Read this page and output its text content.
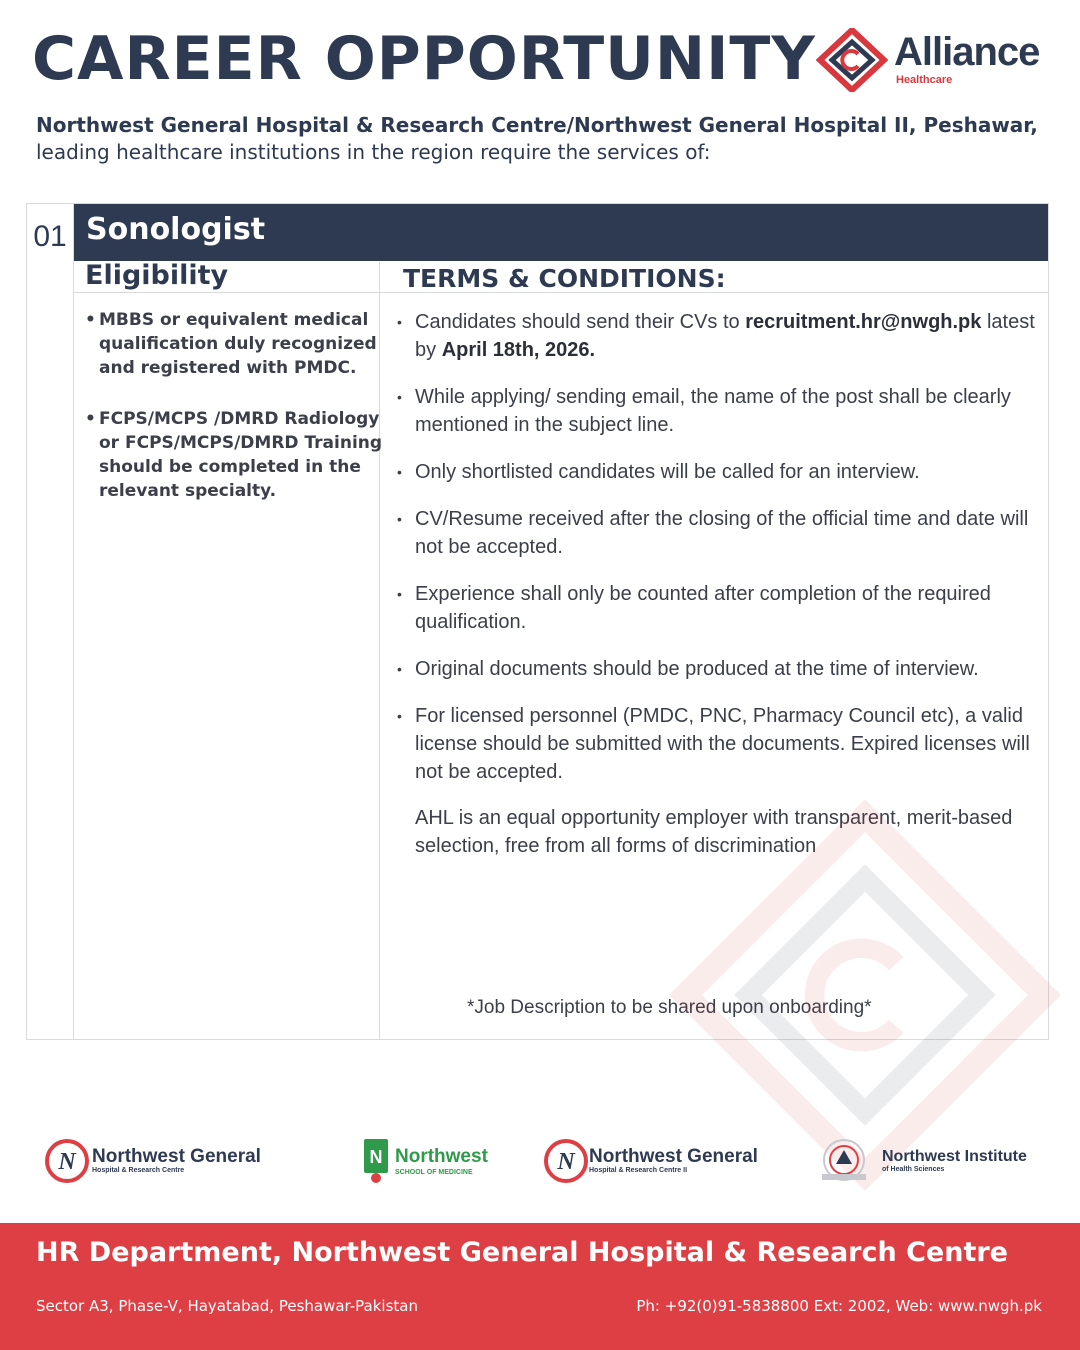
CAREER OPPORTUNITY Alliance
Healthcare

Northwest General Hospital & Research Centre/Northwest General Hospital II, Peshawar,
leading healthcare institutions in the region require the services of:

01 Sonologist
Eligibility	TERMS & CONDITIONS:
• MBBS or equivalent medical qualification duly recognized and registered with PMDC.
• FCPS/MCPS /DMRD Radiology or FCPS/MCPS/DMRD Training should be completed in the relevant specialty.
• Candidates should send their CVs to recruitment.hr@nwgh.pk latest by April 18th, 2026.
• While applying/ sending email, the name of the post shall be clearly mentioned in the subject line.
• Only shortlisted candidates will be called for an interview.
• CV/Resume received after the closing of the official time and date will not be accepted.
• Experience shall only be counted after completion of the required qualification.
• Original documents should be produced at the time of interview.
• For licensed personnel (PMDC, PNC, Pharmacy Council etc), a valid license should be submitted with the documents. Expired licenses will not be accepted.

AHL is an equal opportunity employer with transparent, merit-based selection, free from all forms of discrimination

*Job Description to be shared upon onboarding*

N Northwest General
Hospital & Research Centre
N Northwest
SCHOOL OF MEDICINE	N Northwest General
Hospital & Research Centre II
Northwest Institute
of Health Sciences
HR Department, Northwest General Hospital & Research Centre

Sector A3, Phase-V, Hayatabad, Peshawar-Pakistan	Ph: +92(0)91-5838800 Ext: 2002, Web: www.nwgh.pk
